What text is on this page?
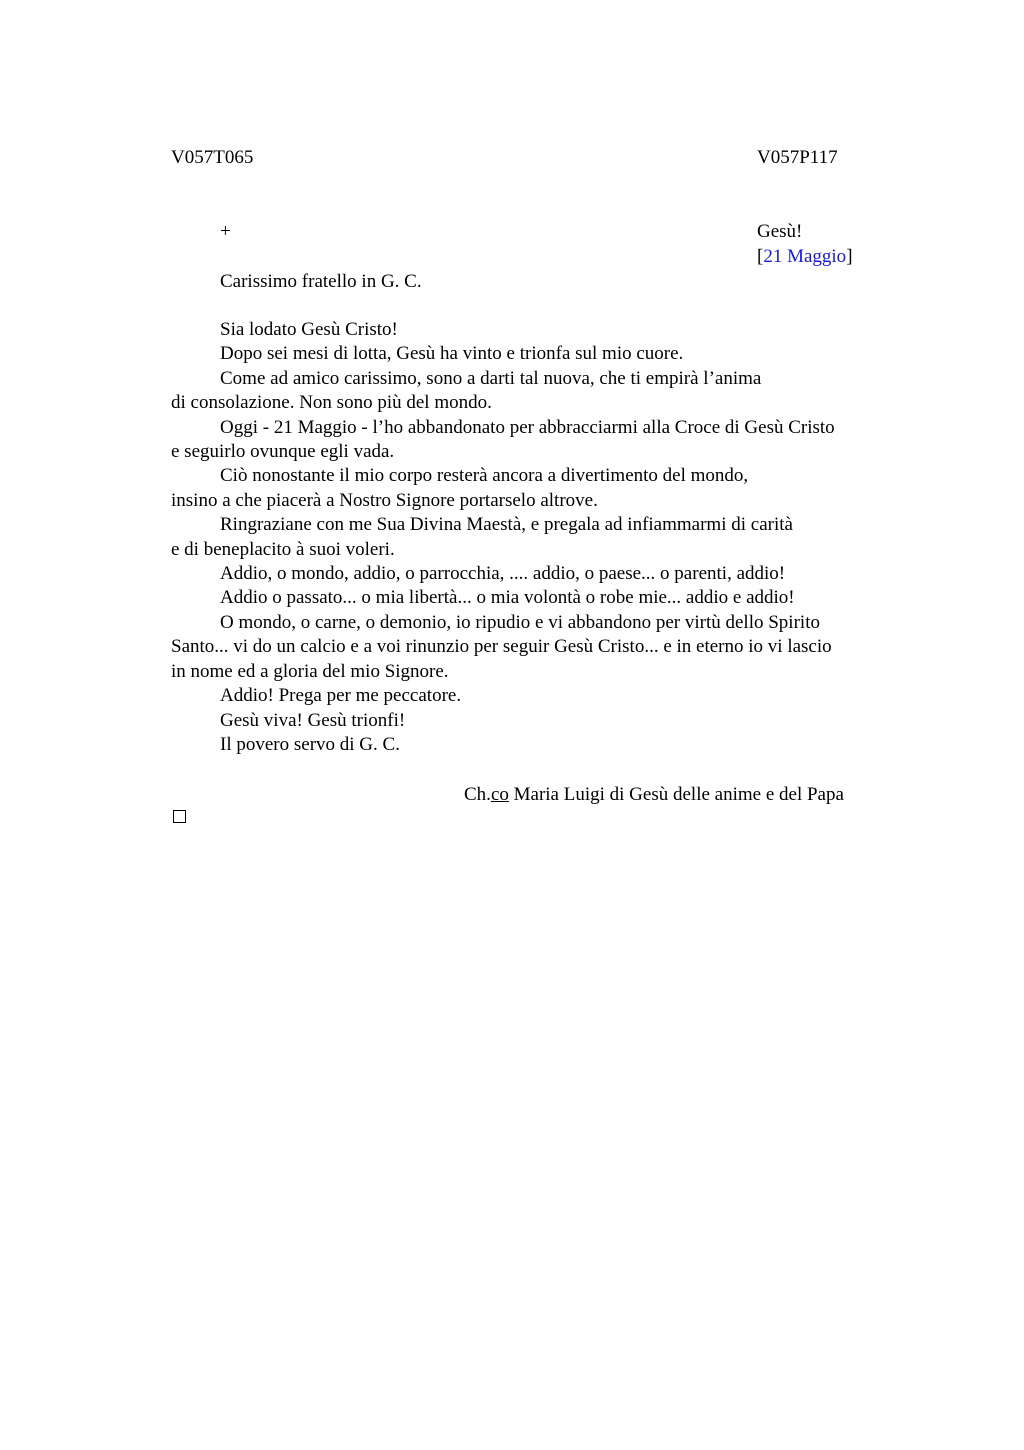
V057T065	V057P117
+	Gesù!
[21 Maggio]
Carissimo fratello in G. C.

Sia lodato Gesù Cristo!

Dopo sei mesi di lotta, Gesù ha vinto e trionfa sul mio cuore.

Come ad amico carissimo, sono a darti tal nuova, che ti empirà l’anima
di consolazione. Non sono più del mondo.

Oggi - 21 Maggio - l’ho abbandonato per abbracciarmi alla Croce di Gesù Cristo
e seguirlo ovunque egli vada.

Ciò nonostante il mio corpo resterà ancora a divertimento del mondo,
insino a che piacerà a Nostro Signore portarselo altrove.

Ringraziane con me Sua Divina Maestà, e pregala ad infiammarmi di carità
e di beneplacito à suoi voleri.

Addio, o mondo, addio, o parrocchia, .... addio, o paese... o parenti, addio!

Addio o passato... o mia libertà... o mia volontà o robe mie... addio e addio!

O mondo, o carne, o demonio, io ripudio e vi abbandono per virtù dello Spirito
Santo... vi do un calcio e a voi rinunzio per seguir Gesù Cristo... e in eterno io vi lascio
in nome ed a gloria del mio Signore.

Addio! Prega per me peccatore.

Gesù viva! Gesù trionfi!

Il povero servo di G. C.

Ch.co Maria Luigi di Gesù delle anime e del Papa
